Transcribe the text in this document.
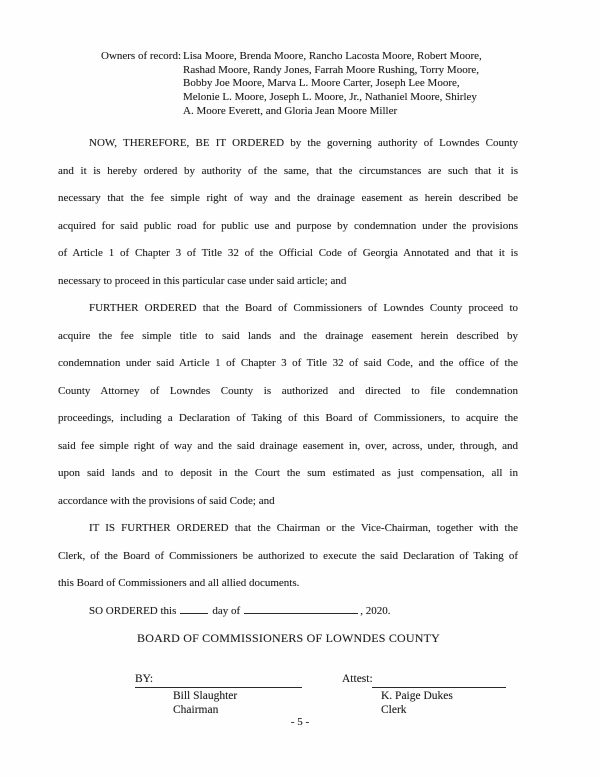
Owners of record: Lisa Moore, Brenda Moore, Rancho Lacosta Moore, Robert Moore,
Rashad Moore, Randy Jones, Farrah Moore Rushing, Torry Moore,
Bobby Joe Moore, Marva L. Moore Carter, Joseph Lee Moore,
Melonie L. Moore, Joseph L. Moore, Jr., Nathaniel Moore, Shirley
A. Moore Everett, and Gloria Jean Moore Miller
NOW, THEREFORE, BE IT ORDERED by the governing authority of Lowndes County
and it is hereby ordered by authority of the same, that the circumstances are such that it is
necessary that the fee simple right of way and the drainage easement as herein described be
acquired for said public road for public use and purpose by condemnation under the provisions
of Article 1 of Chapter 3 of Title 32 of the Official Code of Georgia Annotated and that it is
necessary to proceed in this particular case under said article; and
FURTHER ORDERED that the Board of Commissioners of Lowndes County proceed to
acquire the fee simple title to said lands and the drainage easement herein described by
condemnation under said Article 1 of Chapter 3 of Title 32 of said Code, and the office of the
County Attorney of Lowndes County is authorized and directed to file condemnation
proceedings, including a Declaration of Taking of this Board of Commissioners, to acquire the
said fee simple right of way and the said drainage easement in, over, across, under, through, and
upon said lands and to deposit in the Court the sum estimated as just compensation, all in
accordance with the provisions of said Code; and
IT IS FURTHER ORDERED that the Chairman or the Vice-Chairman, together with the
Clerk, of the Board of Commissioners be authorized to execute the said Declaration of Taking of
this Board of Commissioners and all allied documents.
SO ORDERED this	day of	, 2020.
BOARD OF COMMISSIONERS OF LOWNDES COUNTY
BY:	Attest:
Bill Slaughter	K. Paige Dukes
Chairman	Clerk
- 5 -
